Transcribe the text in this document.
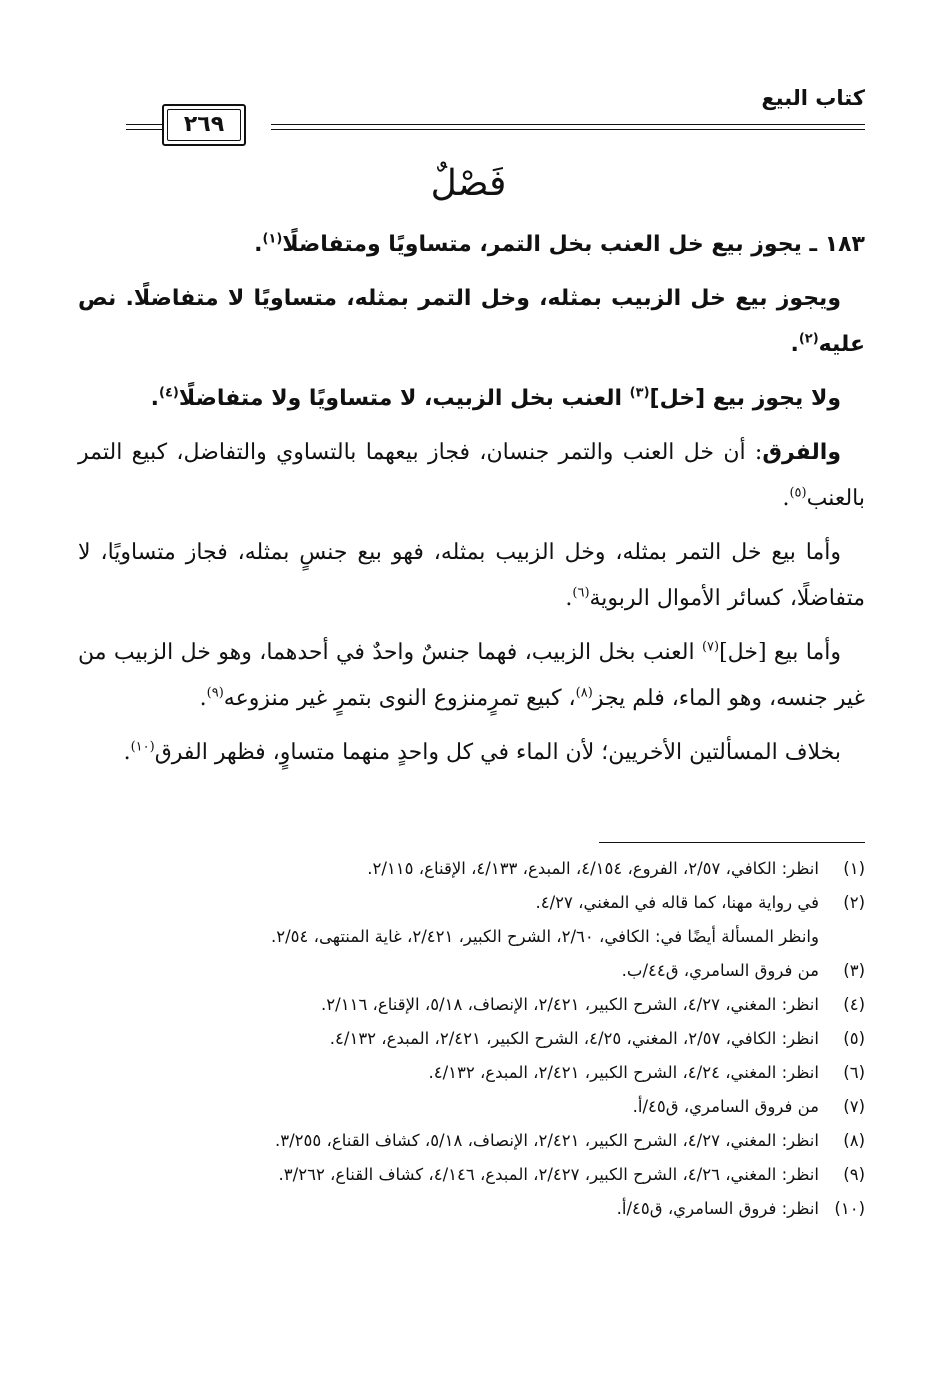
كتاب البيع
٢٦٩
فَصْلٌ

١٨٣ ـ يجوز بيع خل العنب بخل التمر، متساويًا ومتفاضلًا$^{(١)}$.

ويجوز بيع خل الزبيب بمثله، وخل التمر بمثله، متساويًا لا متفاضلًا. نص عليه$^{(٢)}$.

ولا يجوز بيع [خل]$^{(٣)}$ العنب بخل الزبيب، لا متساويًا ولا متفاضلًا$^{(٤)}$.

والفرق: أن خل العنب والتمر جنسان، فجاز بيعهما بالتساوي والتفاضل، كبيع التمر بالعنب$^{(٥)}$.

وأما بيع خل التمر بمثله، وخل الزبيب بمثله، فهو بيع جنسٍ بمثله، فجاز متساويًا، لا متفاضلًا، كسائر الأموال الربوية$^{(٦)}$.

وأما بيع [خل]$^{(٧)}$ العنب بخل الزبيب، فهما جنسٌ واحدٌ في أحدهما، وهو خل الزبيب من غير جنسه، وهو الماء، فلم يجز$^{(٨)}$، كبيع تمرٍمنزوع النوى بتمرٍ غير منزوعه$^{(٩)}$.

بخلاف المسألتين الأخريين؛ لأن الماء في كل واحدٍ منهما متساوٍ، فظهر الفرق$^{(١٠)}$.

(١)
انظر: الكافي، ٢/٥٧، الفروع، ٤/١٥٤، المبدع، ٤/١٣٣، الإقناع، ٢/١١٥.
(٢)
في رواية مهنا، كما قاله في المغني، ٤/٢٧.
وانظر المسألة أيضًا في: الكافي، ٢/٦٠، الشرح الكبير، ٢/٤٢١، غاية المنتهى، ٢/٥٤.
(٣)
من فروق السامري، ق٤٤/ب.
(٤)
انظر: المغني، ٤/٢٧، الشرح الكبير، ٢/٤٢١، الإنصاف، ٥/١٨، الإقناع، ٢/١١٦.
(٥)
انظر: الكافي، ٢/٥٧، المغني، ٤/٢٥، الشرح الكبير، ٢/٤٢١، المبدع، ٤/١٣٢.
(٦)
انظر: المغني، ٤/٢٤، الشرح الكبير، ٢/٤٢١، المبدع، ٤/١٣٢.
(٧)
من فروق السامري، ق٤٥/أ.
(٨)
انظر: المغني، ٤/٢٧، الشرح الكبير، ٢/٤٢١، الإنصاف، ٥/١٨، كشاف القناع، ٣/٢٥٥.
(٩)
انظر: المغني، ٤/٢٦، الشرح الكبير، ٢/٤٢٧، المبدع، ٤/١٤٦، كشاف القناع، ٣/٢٦٢.
(١٠)
انظر: فروق السامري، ق٤٥/أ.
